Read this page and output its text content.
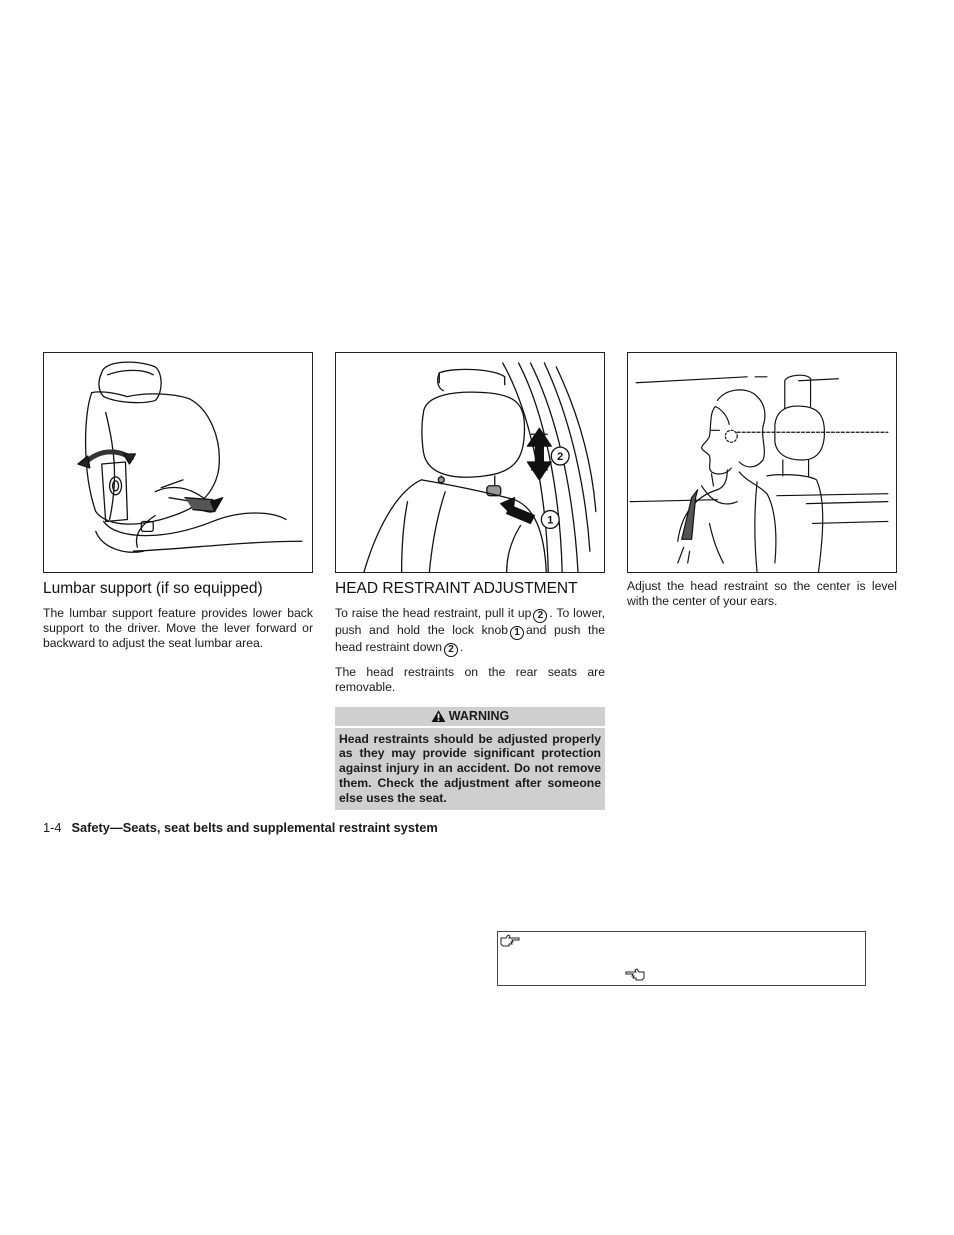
Lumbar support (if so equipped)

The lumbar support feature provides lower back support to the driver. Move the lever forward or backward to adjust the seat lumbar area.

2
1
HEAD RESTRAINT ADJUSTMENT

To raise the head restraint, pull it up 2 . To lower, push and hold the lock knob 1 and push the head restraint down 2 .

The head restraints on the rear seats are removable.

WARNING

Head restraints should be adjusted properly as they may provide significant protection against injury in an accident. Do not remove them. Check the adjustment after someone else uses the seat.

Adjust the head restraint so the center is level with the center of your ears.

1-4 Safety—Seats, seat belts and supplemental restraint system
